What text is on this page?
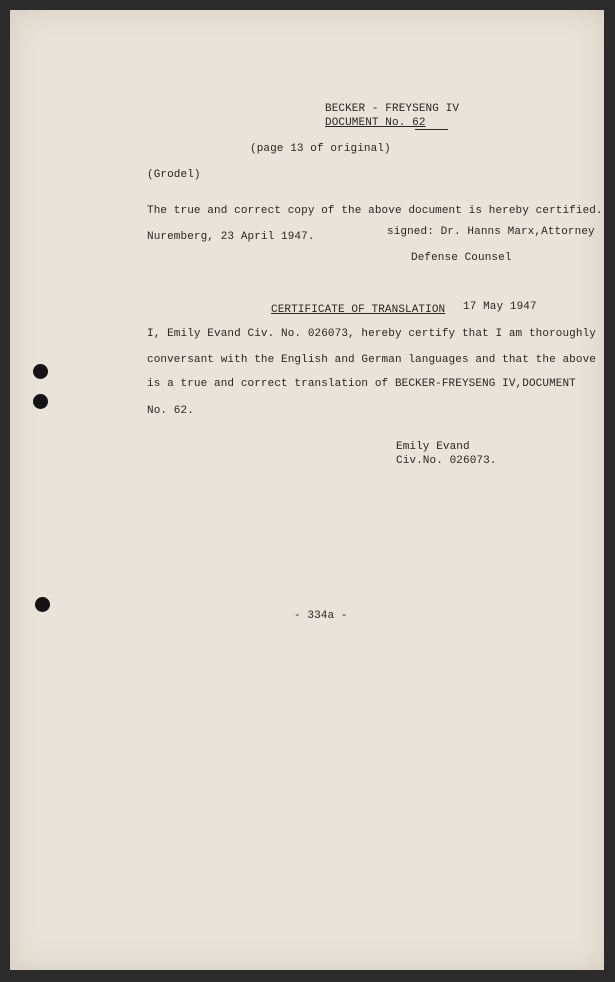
BECKER - FREYSENG IV
DOCUMENT No. 62
(page 13 of original)
(Grodel)
The true and correct copy of the above document is hereby certified.
Nuremberg, 23 April 1947.	signed: Dr. Hanns Marx,Attorney
Defense Counsel
CERTIFICATE OF TRANSLATION 17 May 1947
I, Emily Evand Civ. No. 026073, hereby certify that I am thoroughly
conversant with the English and German languages and that the above
is a true and correct translation of BECKER-FREYSENG IV,DOCUMENT
No. 62.
Emily Evand
Civ.No. 026073.
- 334a -
